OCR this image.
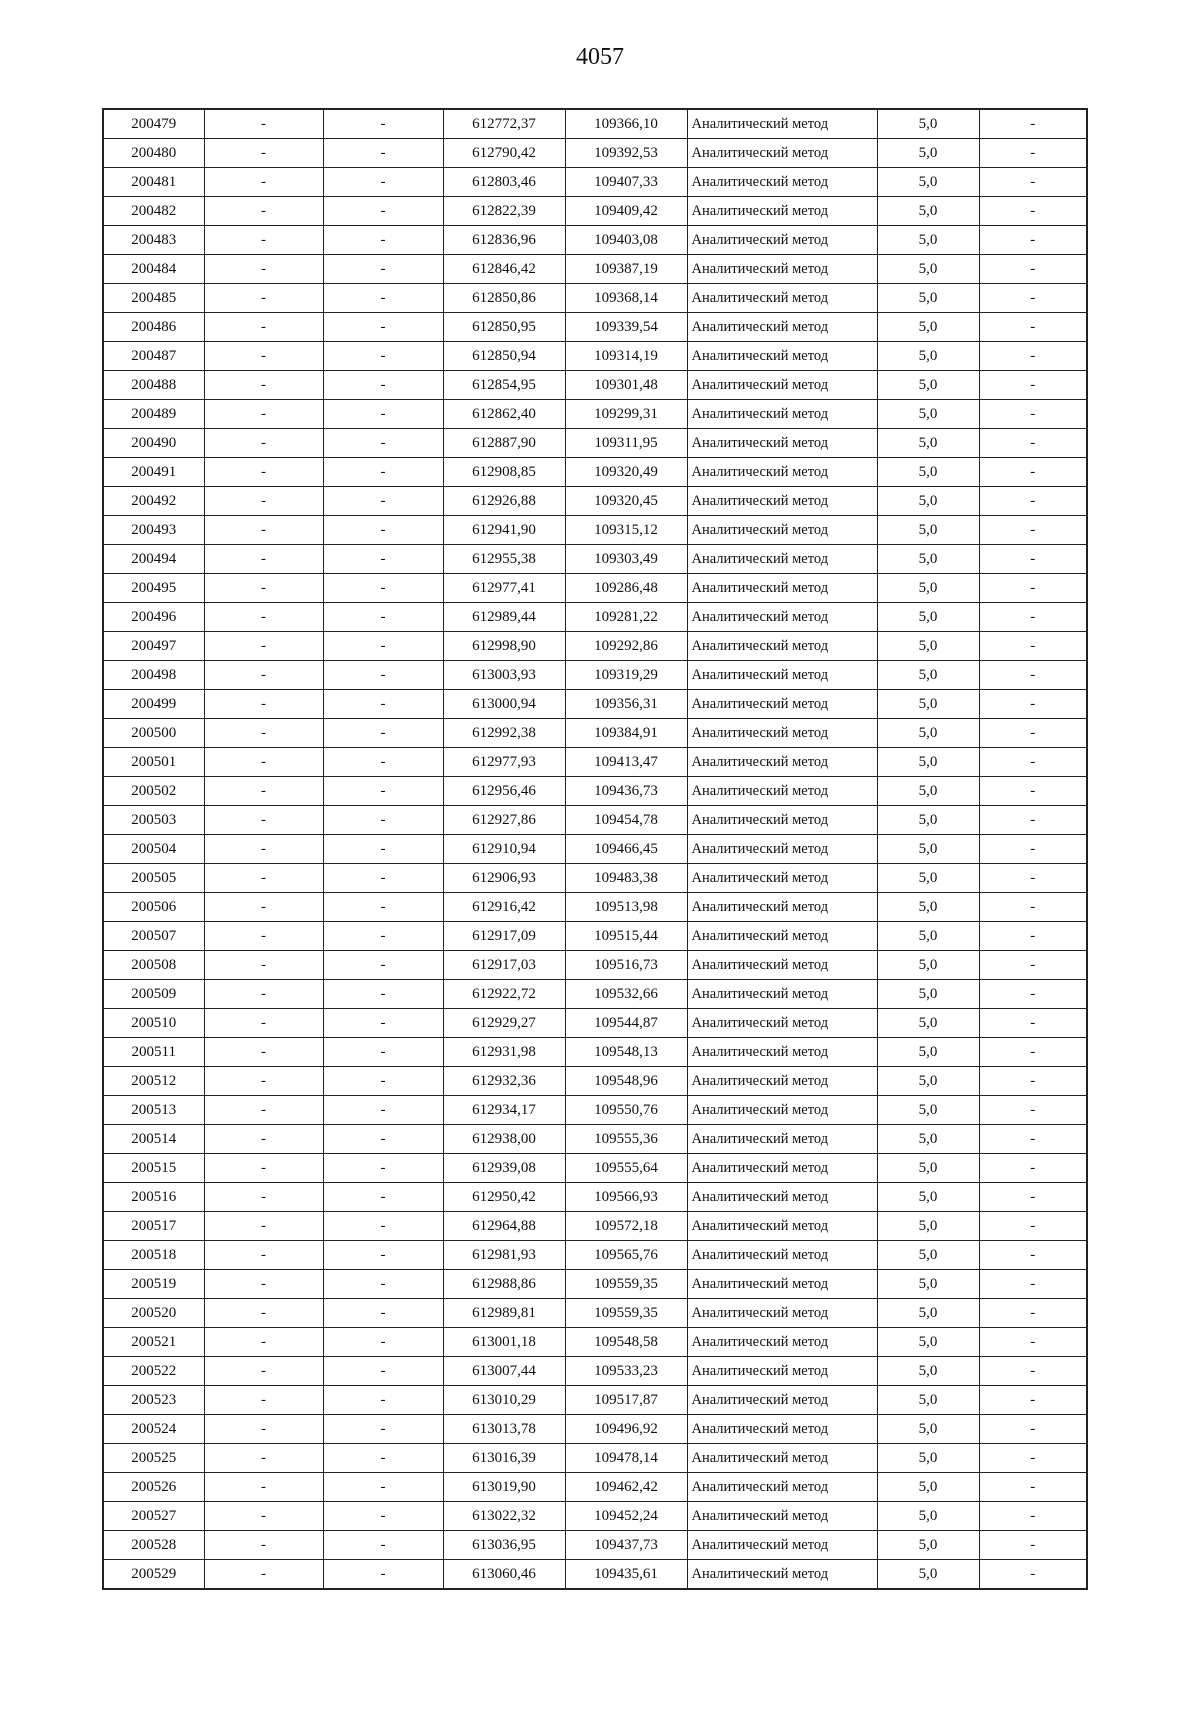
4057
200479	-	-	612772,37	109366,10	Аналитический метод	5,0	-
200480	-	-	612790,42	109392,53	Аналитический метод	5,0	-
200481	-	-	612803,46	109407,33	Аналитический метод	5,0	-
200482	-	-	612822,39	109409,42	Аналитический метод	5,0	-
200483	-	-	612836,96	109403,08	Аналитический метод	5,0	-
200484	-	-	612846,42	109387,19	Аналитический метод	5,0	-
200485	-	-	612850,86	109368,14	Аналитический метод	5,0	-
200486	-	-	612850,95	109339,54	Аналитический метод	5,0	-
200487	-	-	612850,94	109314,19	Аналитический метод	5,0	-
200488	-	-	612854,95	109301,48	Аналитический метод	5,0	-
200489	-	-	612862,40	109299,31	Аналитический метод	5,0	-
200490	-	-	612887,90	109311,95	Аналитический метод	5,0	-
200491	-	-	612908,85	109320,49	Аналитический метод	5,0	-
200492	-	-	612926,88	109320,45	Аналитический метод	5,0	-
200493	-	-	612941,90	109315,12	Аналитический метод	5,0	-
200494	-	-	612955,38	109303,49	Аналитический метод	5,0	-
200495	-	-	612977,41	109286,48	Аналитический метод	5,0	-
200496	-	-	612989,44	109281,22	Аналитический метод	5,0	-
200497	-	-	612998,90	109292,86	Аналитический метод	5,0	-
200498	-	-	613003,93	109319,29	Аналитический метод	5,0	-
200499	-	-	613000,94	109356,31	Аналитический метод	5,0	-
200500	-	-	612992,38	109384,91	Аналитический метод	5,0	-
200501	-	-	612977,93	109413,47	Аналитический метод	5,0	-
200502	-	-	612956,46	109436,73	Аналитический метод	5,0	-
200503	-	-	612927,86	109454,78	Аналитический метод	5,0	-
200504	-	-	612910,94	109466,45	Аналитический метод	5,0	-
200505	-	-	612906,93	109483,38	Аналитический метод	5,0	-
200506	-	-	612916,42	109513,98	Аналитический метод	5,0	-
200507	-	-	612917,09	109515,44	Аналитический метод	5,0	-
200508	-	-	612917,03	109516,73	Аналитический метод	5,0	-
200509	-	-	612922,72	109532,66	Аналитический метод	5,0	-
200510	-	-	612929,27	109544,87	Аналитический метод	5,0	-
200511	-	-	612931,98	109548,13	Аналитический метод	5,0	-
200512	-	-	612932,36	109548,96	Аналитический метод	5,0	-
200513	-	-	612934,17	109550,76	Аналитический метод	5,0	-
200514	-	-	612938,00	109555,36	Аналитический метод	5,0	-
200515	-	-	612939,08	109555,64	Аналитический метод	5,0	-
200516	-	-	612950,42	109566,93	Аналитический метод	5,0	-
200517	-	-	612964,88	109572,18	Аналитический метод	5,0	-
200518	-	-	612981,93	109565,76	Аналитический метод	5,0	-
200519	-	-	612988,86	109559,35	Аналитический метод	5,0	-
200520	-	-	612989,81	109559,35	Аналитический метод	5,0	-
200521	-	-	613001,18	109548,58	Аналитический метод	5,0	-
200522	-	-	613007,44	109533,23	Аналитический метод	5,0	-
200523	-	-	613010,29	109517,87	Аналитический метод	5,0	-
200524	-	-	613013,78	109496,92	Аналитический метод	5,0	-
200525	-	-	613016,39	109478,14	Аналитический метод	5,0	-
200526	-	-	613019,90	109462,42	Аналитический метод	5,0	-
200527	-	-	613022,32	109452,24	Аналитический метод	5,0	-
200528	-	-	613036,95	109437,73	Аналитический метод	5,0	-
200529	-	-	613060,46	109435,61	Аналитический метод	5,0	-
